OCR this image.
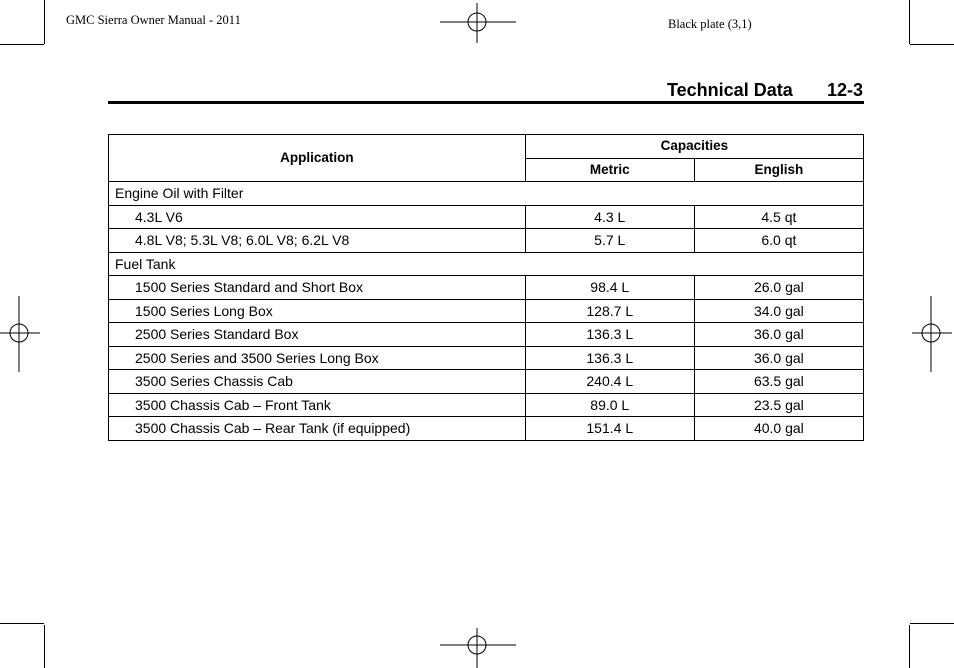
GMC Sierra Owner Manual - 2011	Black plate (3,1)
Technical Data 12-3
Application	Capacities	
	Metric	English
Engine Oil with Filter		
4.3L V6	4.3 L	4.5 qt
4.8L V8; 5.3L V8; 6.0L V8; 6.2L V8	5.7 L	6.0 qt
Fuel Tank		
1500 Series Standard and Short Box	98.4 L	26.0 gal
1500 Series Long Box	128.7 L	34.0 gal
2500 Series Standard Box	136.3 L	36.0 gal
2500 Series and 3500 Series Long Box	136.3 L	36.0 gal
3500 Series Chassis Cab	240.4 L	63.5 gal
3500 Chassis Cab – Front Tank	89.0 L	23.5 gal
3500 Chassis Cab – Rear Tank (if equipped)	151.4 L	40.0 gal
